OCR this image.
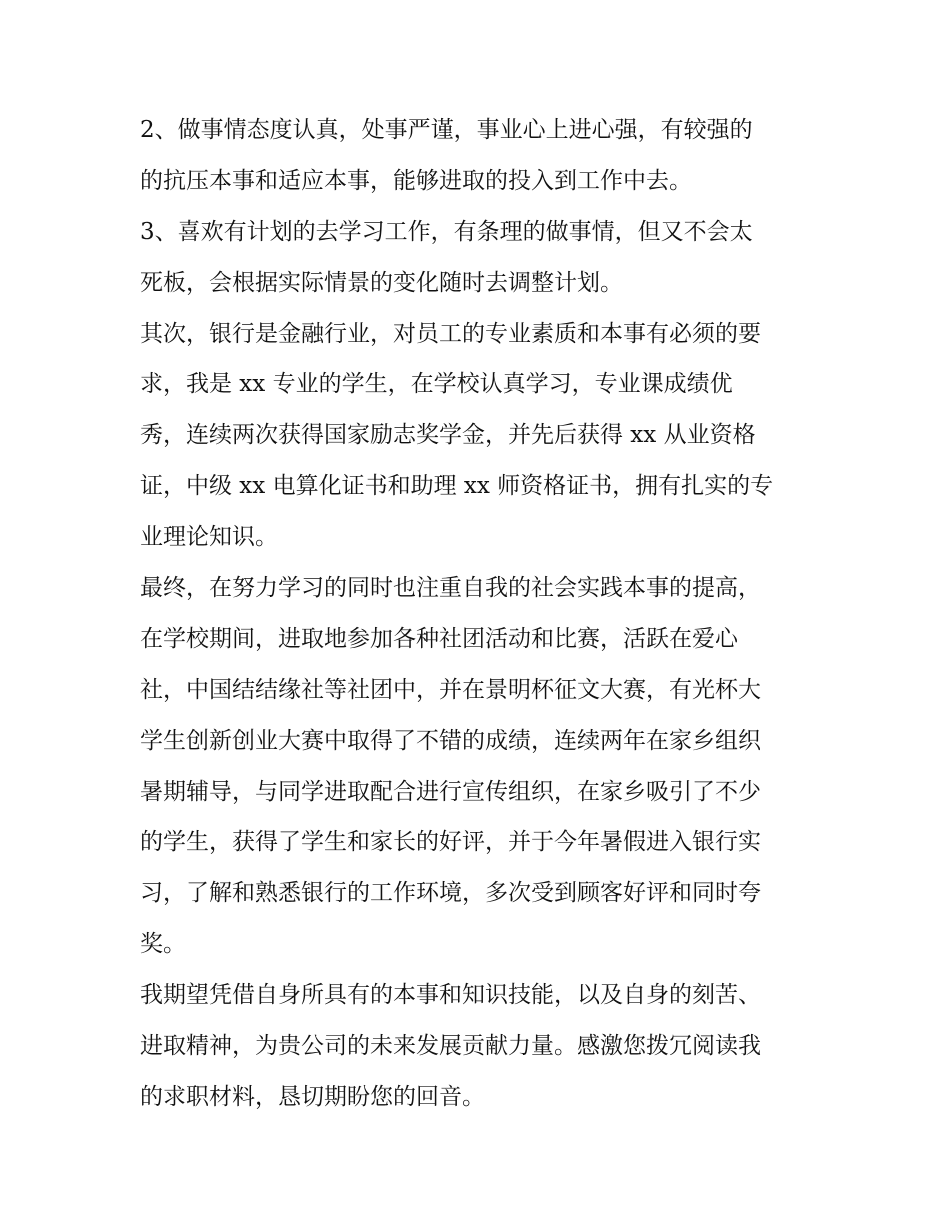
2、做事情态度认真，处事严谨，事业心上进心强，有较强的
的抗压本事和适应本事，能够进取的投入到工作中去。
3、喜欢有计划的去学习工作，有条理的做事情，但又不会太
死板，会根据实际情景的变化随时去调整计划。
其次，银行是金融行业，对员工的专业素质和本事有必须的要
求，我是 xx 专业的学生，在学校认真学习，专业课成绩优
秀，连续两次获得国家励志奖学金，并先后获得 xx 从业资格
证，中级 xx 电算化证书和助理 xx 师资格证书，拥有扎实的专
业理论知识。
最终，在努力学习的同时也注重自我的社会实践本事的提高，
在学校期间，进取地参加各种社团活动和比赛，活跃在爱心
社，中国结结缘社等社团中，并在景明杯征文大赛，有光杯大
学生创新创业大赛中取得了不错的成绩，连续两年在家乡组织
暑期辅导，与同学进取配合进行宣传组织，在家乡吸引了不少
的学生，获得了学生和家长的好评，并于今年暑假进入银行实
习，了解和熟悉银行的工作环境，多次受到顾客好评和同时夸
奖。
我期望凭借自身所具有的本事和知识技能，以及自身的刻苦、
进取精神，为贵公司的未来发展贡献力量。感激您拨冗阅读我
的求职材料，恳切期盼您的回音。
